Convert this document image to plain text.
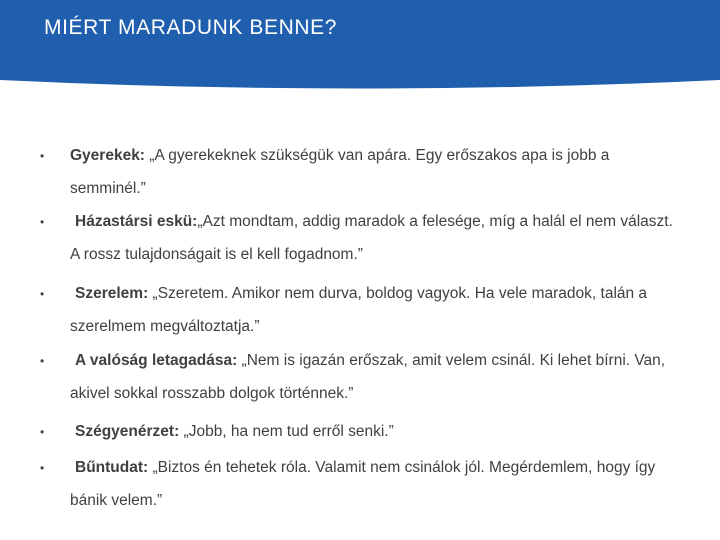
MIÉRT MARADUNK BENNE?
• Gyerekek: „A gyerekeknek szükségük van apára. Egy erőszakos apa is jobb a semminél.”
•	Házastársi eskü:„Azt mondtam, addig maradok a felesége, míg a halál el nem választ. A rossz tulajdonságait is el kell fogadnom.”
•	Szerelem: „Szeretem. Amikor nem durva, boldog vagyok. Ha vele maradok, talán a szerelmem megváltoztatja.”
•	A valóság letagadása: „Nem is igazán erőszak, amit velem csinál. Ki lehet bírni. Van, akivel sokkal rosszabb dolgok történnek.”
•	Szégyenérzet: „Jobb, ha nem tud erről senki.”
•	Bűntudat: „Biztos én tehetek róla. Valamit nem csinálok jól. Megérdemlem, hogy így bánik velem.”
